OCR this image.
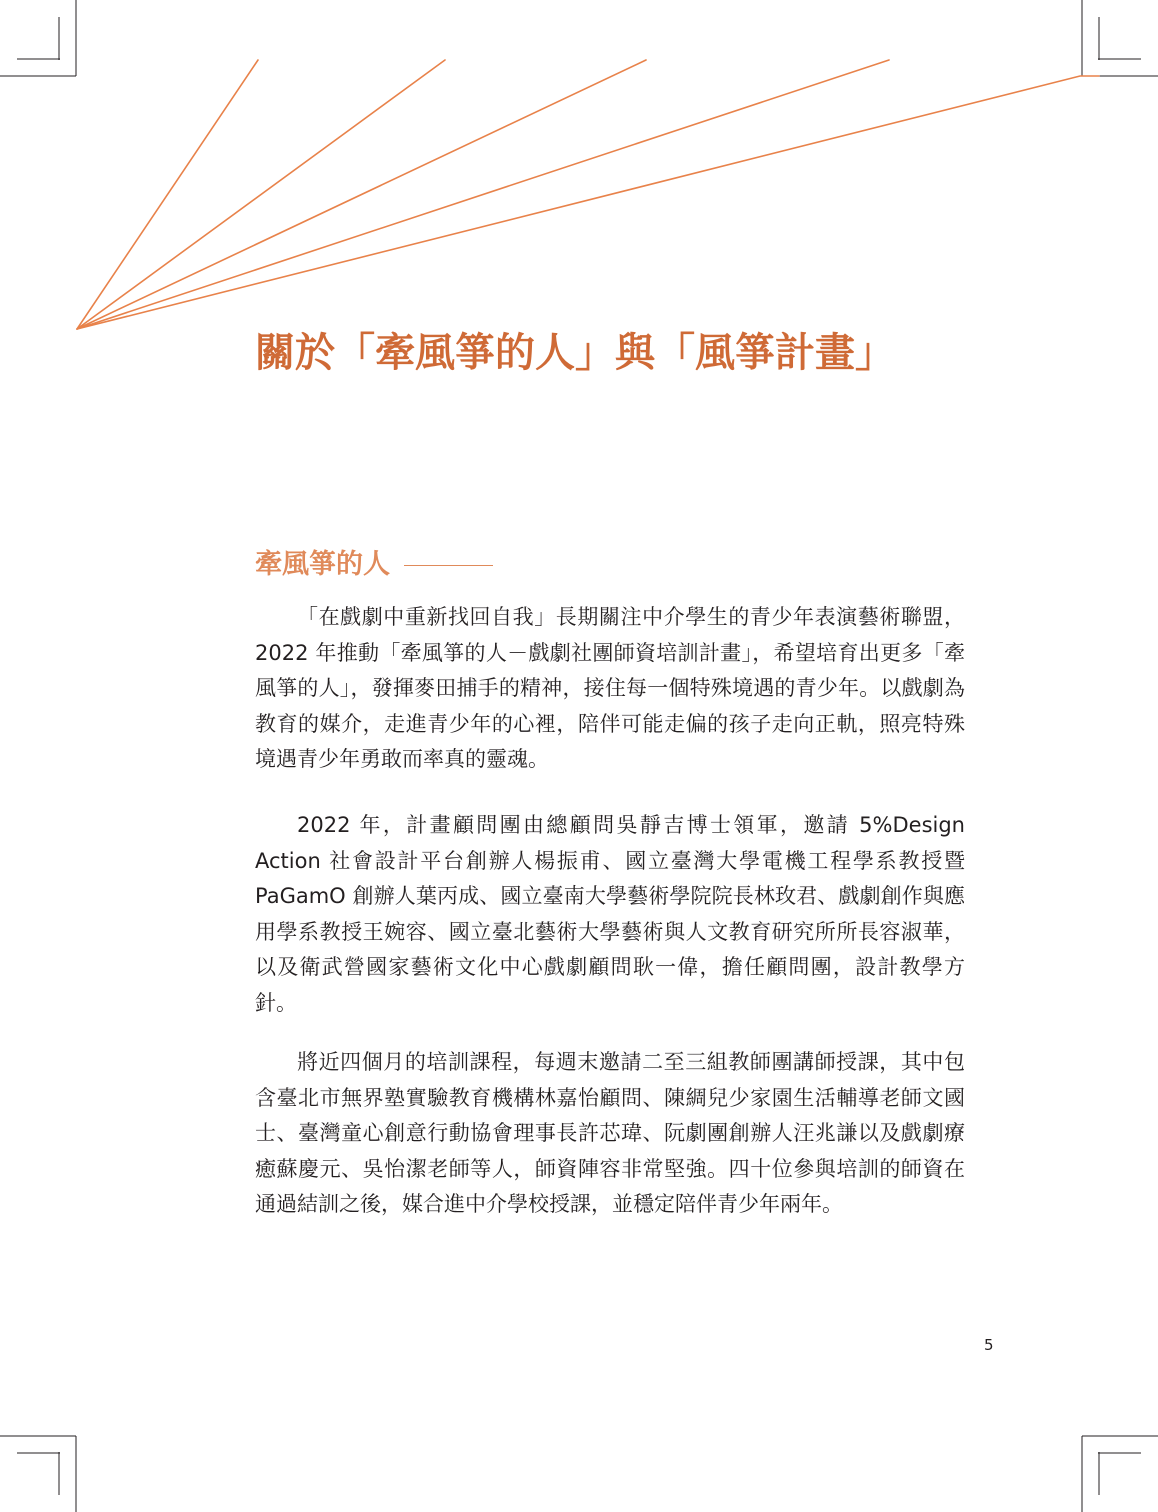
關於「牽風箏的人」與「風箏計畫」
牽風箏的人

「在戲劇中重新找回自我」長期關注中介學生的青少年表演藝術聯盟，2022 年推動「牽風箏的人－戲劇社團師資培訓計畫」，希望培育出更多「牽風箏的人」，發揮麥田捕手的精神，接住每一個特殊境遇的青少年。以戲劇為教育的媒介，走進青少年的心裡，陪伴可能走偏的孩子走向正軌，照亮特殊境遇青少年勇敢而率真的靈魂。

2022 年，計畫顧問團由總顧問吳靜吉博士領軍，邀請 5%Design Action 社會設計平台創辦人楊振甫、國立臺灣大學電機工程學系教授暨 PaGamO 創辦人葉丙成、國立臺南大學藝術學院院長林玫君、戲劇創作與應用學系教授王婉容、國立臺北藝術大學藝術與人文教育研究所所長容淑華，以及衛武營國家藝術文化中心戲劇顧問耿一偉，擔任顧問團，設計教學方針。

將近四個月的培訓課程，每週末邀請二至三組教師團講師授課，其中包含臺北市無界塾實驗教育機構林嘉怡顧問、陳綢兒少家園生活輔導老師文國士、臺灣童心創意行動協會理事長許芯瑋、阮劇團創辦人汪兆謙以及戲劇療癒蘇慶元、吳怡潔老師等人，師資陣容非常堅強。四十位參與培訓的師資在通過結訓之後，媒合進中介學校授課，並穩定陪伴青少年兩年。

5
